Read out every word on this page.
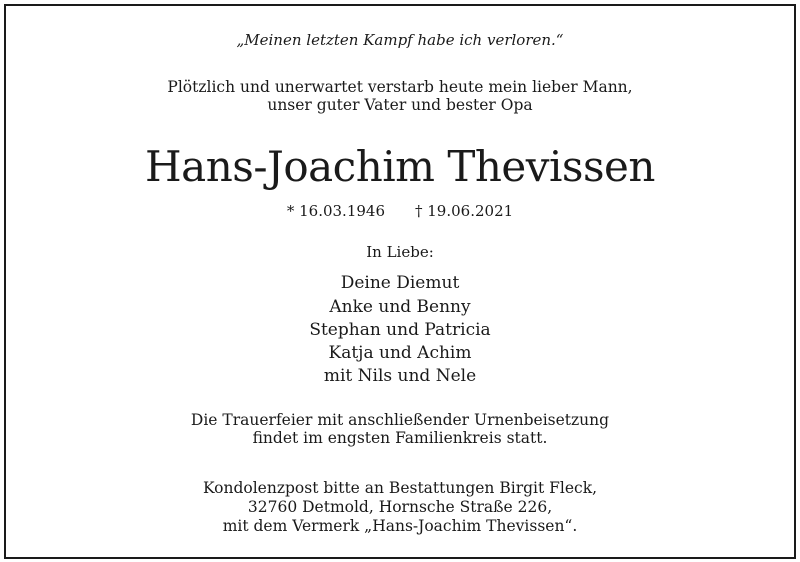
„Meinen letzten Kampf habe ich verloren.“
Plötzlich und unerwartet verstarb heute mein lieber Mann,
unser guter Vater und bester Opa
Hans-Joachim Thevissen
* 16.03.1946 † 19.06.2021
In Liebe:
Deine Diemut
Anke und Benny
Stephan und Patricia
Katja und Achim
mit Nils und Nele
Die Trauerfeier mit anschließender Urnenbeisetzung
findet im engsten Familienkreis statt.
Kondolenzpost bitte an Bestattungen Birgit Fleck,
32760 Detmold, Hornsche Straße 226,
mit dem Vermerk „Hans-Joachim Thevissen“.
